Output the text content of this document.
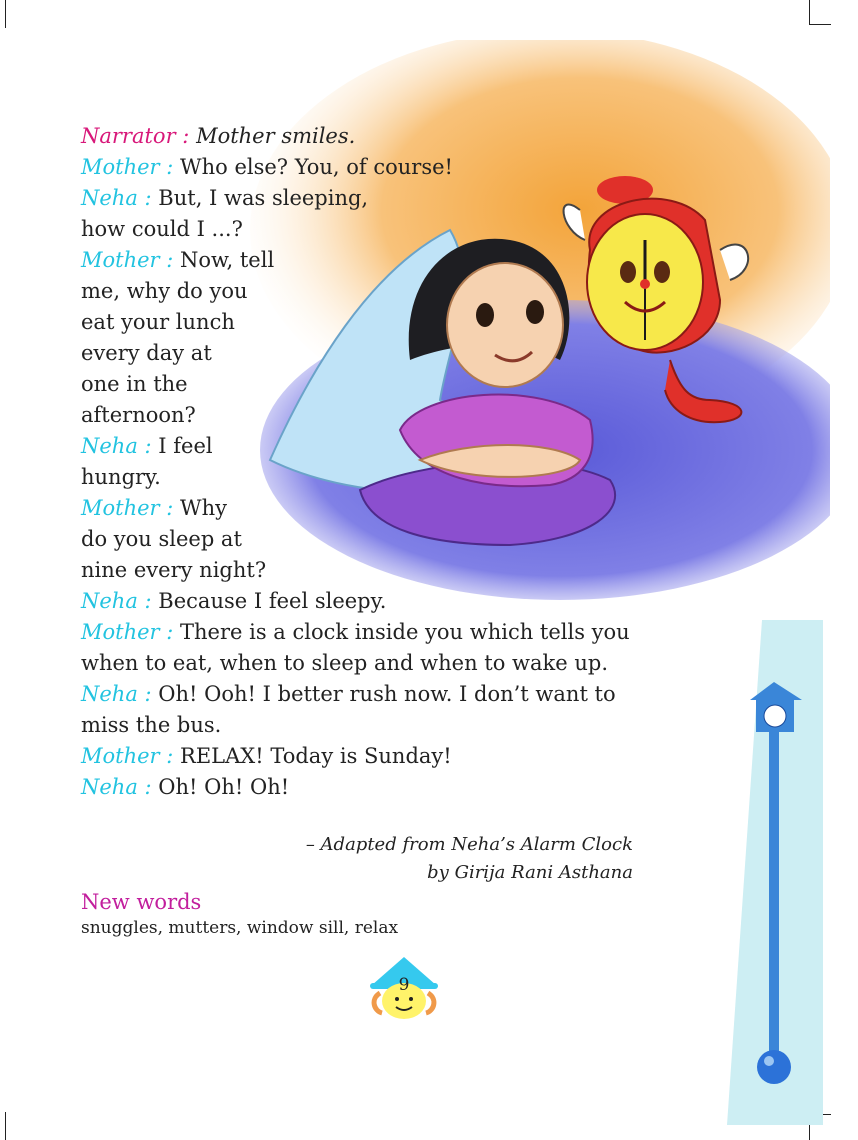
Narrator : Mother smiles.
Mother : Who else? You, of course!
Neha : But, I was sleeping,
how could I ...?
Mother : Now, tell
me, why do you
eat your lunch
every day at
one in the
afternoon?
Neha : I feel
hungry.
Mother : Why
do you sleep at
nine every night?
Neha : Because I feel sleepy.
Mother : There is a clock inside you which tells you
when to eat, when to sleep and when to wake up.
Neha : Oh! Ooh! I better rush now. I don’t want to
miss the bus.
Mother : RELAX! Today is Sunday!
Neha : Oh! Oh! Oh!
– Adapted from Neha’s Alarm Clock
by Girija Rani Asthana
New words
snuggles, mutters, window sill, relax
9
